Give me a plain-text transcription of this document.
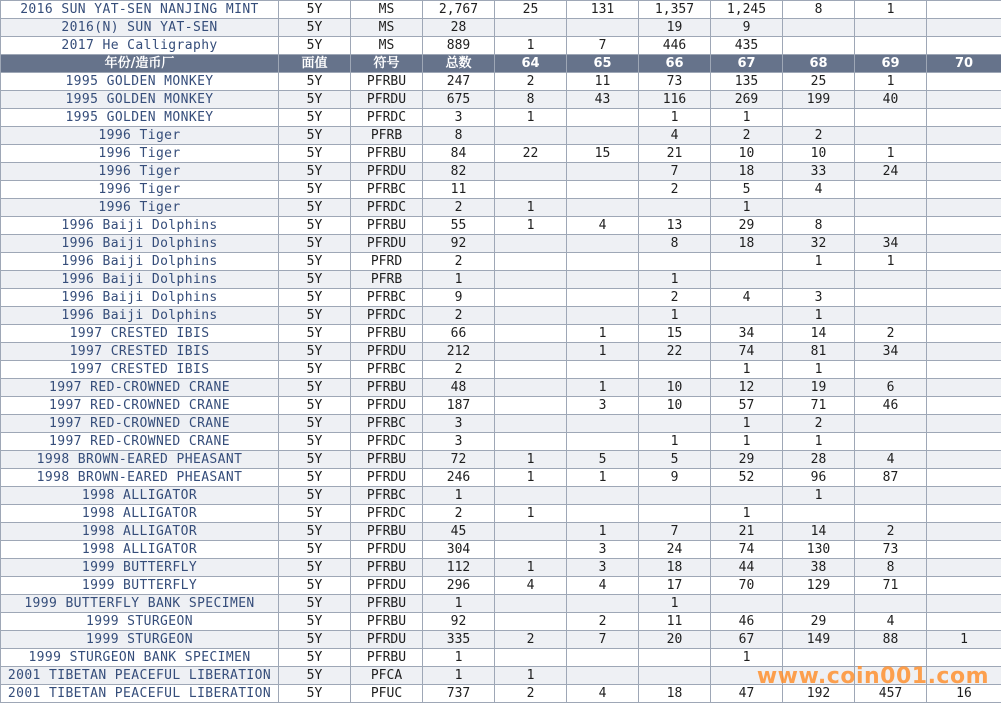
2016 SUN YAT-SEN NANJING MINT	5Y	MS	2,767	25	131	1,357	1,245	8	1	
2016(N) SUN YAT-SEN	5Y	MS	28			19	9			
2017 He Calligraphy	5Y	MS	889	1	7	446	435			
年份/造币厂	面值	符号	总数	64	65	66	67	68	69	70
1995 GOLDEN MONKEY	5Y	PFRBU	247	2	11	73	135	25	1	
1995 GOLDEN MONKEY	5Y	PFRDU	675	8	43	116	269	199	40	
1995 GOLDEN MONKEY	5Y	PFRDC	3	1		1	1			
1996 Tiger	5Y	PFRB	8			4	2	2		
1996 Tiger	5Y	PFRBU	84	22	15	21	10	10	1	
1996 Tiger	5Y	PFRDU	82			7	18	33	24	
1996 Tiger	5Y	PFRBC	11			2	5	4		
1996 Tiger	5Y	PFRDC	2	1			1			
1996 Baiji Dolphins	5Y	PFRBU	55	1	4	13	29	8		
1996 Baiji Dolphins	5Y	PFRDU	92			8	18	32	34	
1996 Baiji Dolphins	5Y	PFRD	2					1	1	
1996 Baiji Dolphins	5Y	PFRB	1			1				
1996 Baiji Dolphins	5Y	PFRBC	9			2	4	3		
1996 Baiji Dolphins	5Y	PFRDC	2			1		1		
1997 CRESTED IBIS	5Y	PFRBU	66		1	15	34	14	2	
1997 CRESTED IBIS	5Y	PFRDU	212		1	22	74	81	34	
1997 CRESTED IBIS	5Y	PFRBC	2				1	1		
1997 RED-CROWNED CRANE	5Y	PFRBU	48		1	10	12	19	6	
1997 RED-CROWNED CRANE	5Y	PFRDU	187		3	10	57	71	46	
1997 RED-CROWNED CRANE	5Y	PFRBC	3				1	2		
1997 RED-CROWNED CRANE	5Y	PFRDC	3			1	1	1		
1998 BROWN-EARED PHEASANT	5Y	PFRBU	72	1	5	5	29	28	4	
1998 BROWN-EARED PHEASANT	5Y	PFRDU	246	1	1	9	52	96	87	
1998 ALLIGATOR	5Y	PFRBC	1					1		
1998 ALLIGATOR	5Y	PFRDC	2	1			1			
1998 ALLIGATOR	5Y	PFRBU	45		1	7	21	14	2	
1998 ALLIGATOR	5Y	PFRDU	304		3	24	74	130	73	
1999 BUTTERFLY	5Y	PFRBU	112	1	3	18	44	38	8	
1999 BUTTERFLY	5Y	PFRDU	296	4	4	17	70	129	71	
1999 BUTTERFLY BANK SPECIMEN	5Y	PFRBU	1			1				
1999 STURGEON	5Y	PFRBU	92		2	11	46	29	4	
1999 STURGEON	5Y	PFRDU	335	2	7	20	67	149	88	1
1999 STURGEON BANK SPECIMEN	5Y	PFRBU	1				1			
2001 TIBETAN PEACEFUL LIBERATION	5Y	PFCA	1	1						
2001 TIBETAN PEACEFUL LIBERATION	5Y	PFUC	737	2	4	18	47	192	457	16
www.coin001.com
